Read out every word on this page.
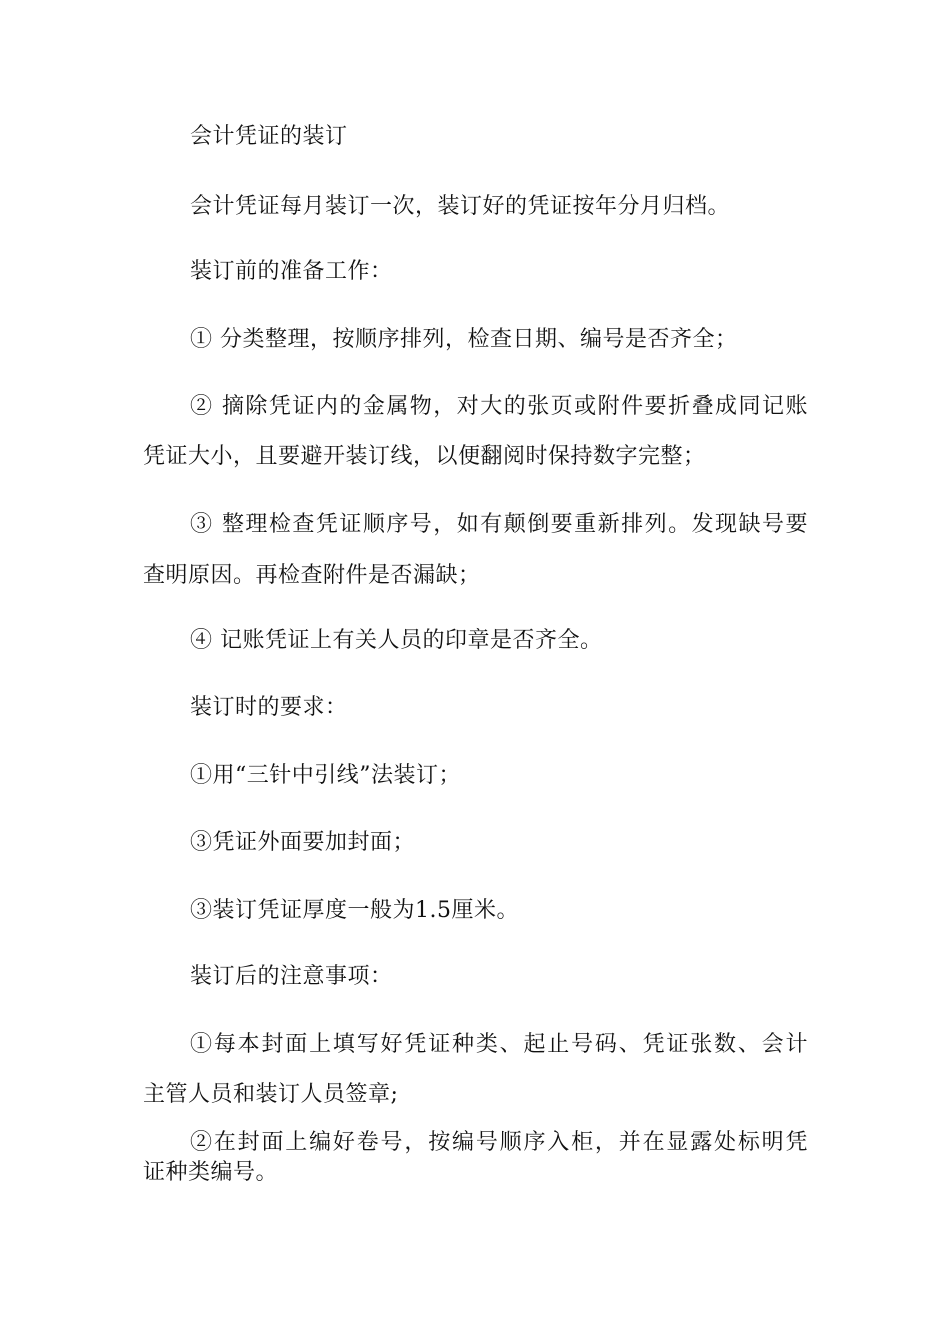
会计凭证的装订
会计凭证每月装订一次，装订好的凭证按年分月归档。
装订前的准备工作：
① 分类整理，按顺序排列，检查日期、编号是否齐全；
② 摘除凭证内的金属物，对大的张页或附件要折叠成同记账
凭证大小，且要避开装订线，以便翻阅时保持数字完整；
③ 整理检查凭证顺序号，如有颠倒要重新排列。发现缺号要
查明原因。再检查附件是否漏缺；
④ 记账凭证上有关人员的印章是否齐全。
装订时的要求：
①用“三针中引线”法装订；
③凭证外面要加封面；
③装订凭证厚度一般为1.5厘米。
装订后的注意事项：
①每本封面上填写好凭证种类、起止号码、凭证张数、会计
主管人员和装订人员签章;
②在封面上编好卷号，按编号顺序入柜，并在显露处标明凭
证种类编号。
